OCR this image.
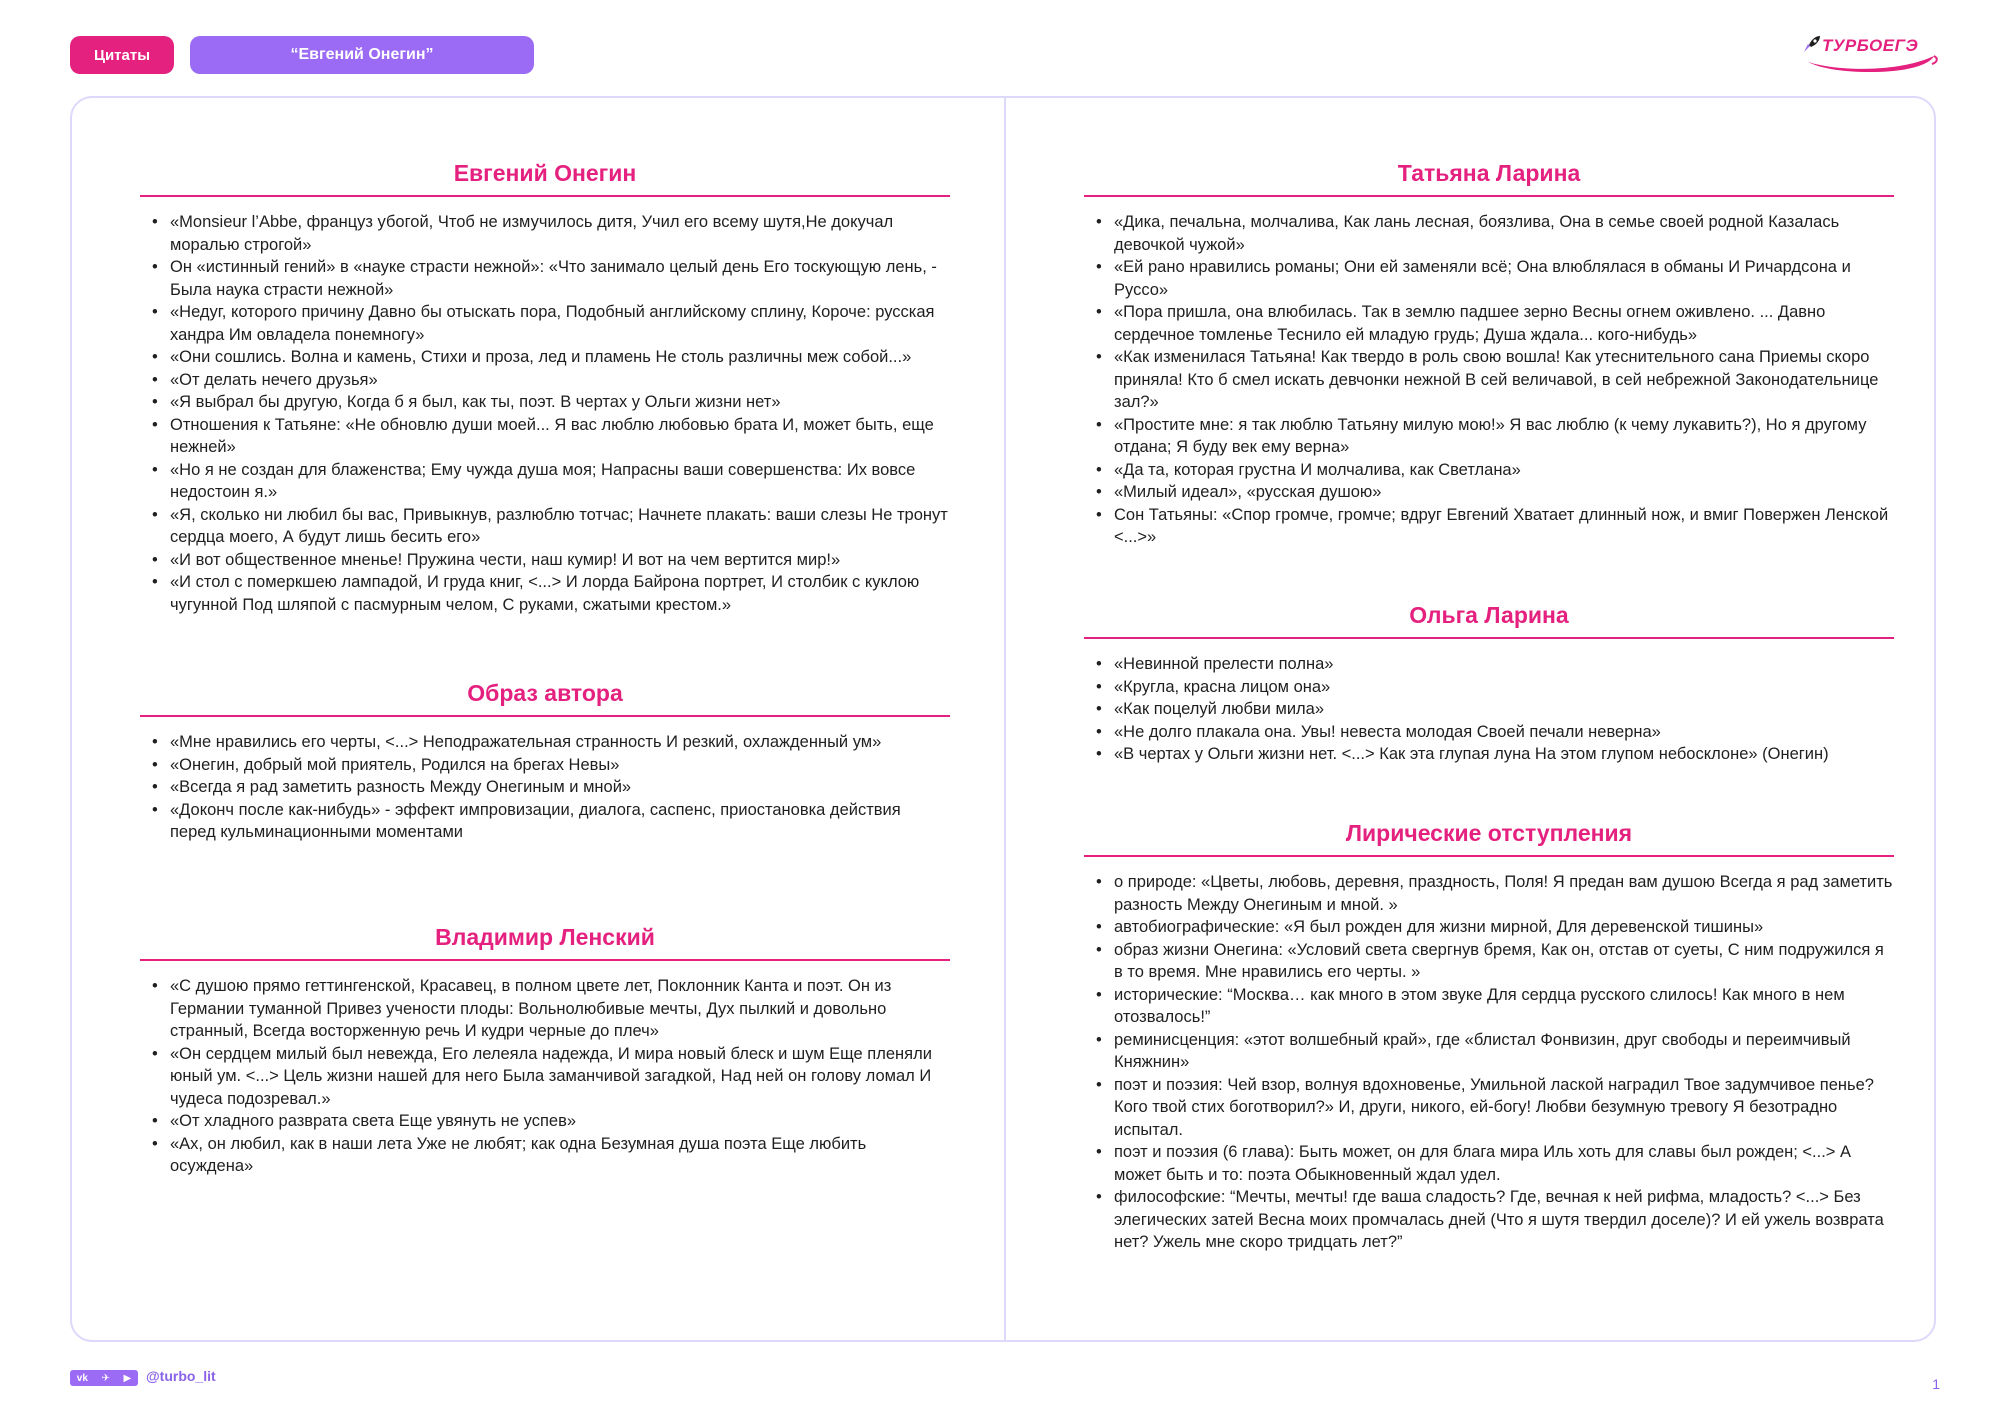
Цитаты	“Евгений Онегин”	ТУРБОЕГЭ
Евгений Онегин
• «Monsieur l’Abbe, француз убогой, Чтоб не измучилось дитя, Учил его всему шутя,Не докучал моралью строгой»
• Он «истинный гений» в «науке страсти нежной»: «Что занимало целый день Его тоскующую лень, - Была наука страсти нежной»
• «Недуг, которого причину Давно бы отыскать пора, Подобный английскому сплину, Короче: русская хандра Им овладела понемногу»
• «Они сошлись. Волна и камень, Стихи и проза, лед и пламень Не столь различны меж собой...»
• «От делать нечего друзья»
• «Я выбрал бы другую, Когда б я был, как ты, поэт. В чертах у Ольги жизни нет»
• Отношения к Татьяне: «Не обновлю души моей... Я вас люблю любовью брата И, может быть, еще нежней»
• «Но я не создан для блаженства; Ему чужда душа моя; Напрасны ваши совершенства: Их вовсе недостоин я.»
• «Я, сколько ни любил бы вас, Привыкнув, разлюблю тотчас; Начнете плакать: ваши слезы Не тронут сердца моего, А будут лишь бесить его»
• «И вот общественное мненье! Пружина чести, наш кумир! И вот на чем вертится мир!»
• «И стол с померкшею лампадой, И груда книг, <...> И лорда Байрона портрет, И столбик с куклою чугунной Под шляпой с пасмурным челом, С руками, сжатыми крестом.»
Образ автора
• «Мне нравились его черты, <...> Неподражательная странность И резкий, охлажденный ум»
• «Онегин, добрый мой приятель, Родился на брегах Невы»
• «Всегда я рад заметить разность Между Онегиным и мной»
• «Доконч после как-нибудь» - эффект импровизации, диалога, саспенс, приостановка действия перед кульминационными моментами
Владимир Ленский
• «С душою прямо геттингенской, Красавец, в полном цвете лет, Поклонник Канта и поэт. Он из Германии туманной Привез учености плоды: Вольнолюбивые мечты, Дух пылкий и довольно странный, Всегда восторженную речь И кудри черные до плеч»
• «Он сердцем милый был невежда, Его лелеяла надежда, И мира новый блеск и шум Еще пленяли юный ум. <...> Цель жизни нашей для него Была заманчивой загадкой, Над ней он голову ломал И чудеса подозревал.»
• «От хладного разврата света Еще увянуть не успев»
• «Ах, он любил, как в наши лета Уже не любят; как одна Безумная душа поэта Еще любить осуждена»
Татьяна Ларина
• «Дика, печальна, молчалива, Как лань лесная, боязлива, Она в семье своей родной Казалась девочкой чужой»
• «Ей рано нравились романы; Они ей заменяли всё; Она влюблялася в обманы И Ричардсона и Руссо»
• «Пора пришла, она влюбилась. Так в землю падшее зерно Весны огнем оживлено. ... Давно сердечное томленье Теснило ей младую грудь; Душа ждала... кого-нибудь»
• «Как изменилася Татьяна! Как твердо в роль свою вошла! Как утеснительного сана Приемы скоро приняла! Кто б смел искать девчонки нежной В сей величавой, в сей небрежной Законодательнице зал?»
• «Простите мне: я так люблю Татьяну милую мою!» Я вас люблю (к чему лукавить?), Но я другому отдана; Я буду век ему верна»
• «Да та, которая грустна И молчалива, как Светлана»
• «Милый идеал», «русская душою»
• Сон Татьяны: «Спор громче, громче; вдруг Евгений Хватает длинный нож, и вмиг Повержен Ленской <...>»
Ольга Ларина
• «Невинной прелести полна»
• «Кругла, красна лицом она»
• «Как поцелуй любви мила»
• «Не долго плакала она. Увы! невеста молодая Своей печали неверна»
• «В чертах у Ольги жизни нет. <...> Как эта глупая луна На этом глупом небосклоне» (Онегин)
Лирические отступления
• о природе: «Цветы, любовь, деревня, праздность, Поля! Я предан вам душою Всегда я рад заметить разность Между Онегиным и мной. »
• автобиографические: «Я был рожден для жизни мирной, Для деревенской тишины»
• образ жизни Онегина: «Условий света свергнув бремя, Как он, отстав от суеты, С ним подружился я в то время. Мне нравились его черты. »
• исторические: “Москва… как много в этом звуке Для сердца русского слилось! Как много в нем отозвалось!”
• реминисценция: «этот волшебный край», где «блистал Фонвизин, друг свободы и переимчивый Княжнин»
• поэт и поэзия: Чей взор, волнуя вдохновенье, Умильной лаской наградил Твое задумчивое пенье? Кого твой стих боготворил?» И, други, никого, ей-богу! Любви безумную тревогу Я безотрадно испытал.
• поэт и поэзия (6 глава): Быть может, он для блага мира Иль хоть для славы был рожден; <...> А может быть и то: поэта Обыкновенный ждал удел.
• философские: “Мечты, мечты! где ваша сладость? Где, вечная к ней рифма, младость? <...> Без элегических затей Весна моих промчалась дней (Что я шутя твердил доселе)? И ей ужель возврата нет? Ужель мне скоро тридцать лет?”
vk ✈ ▶ @turbo_lit	1
